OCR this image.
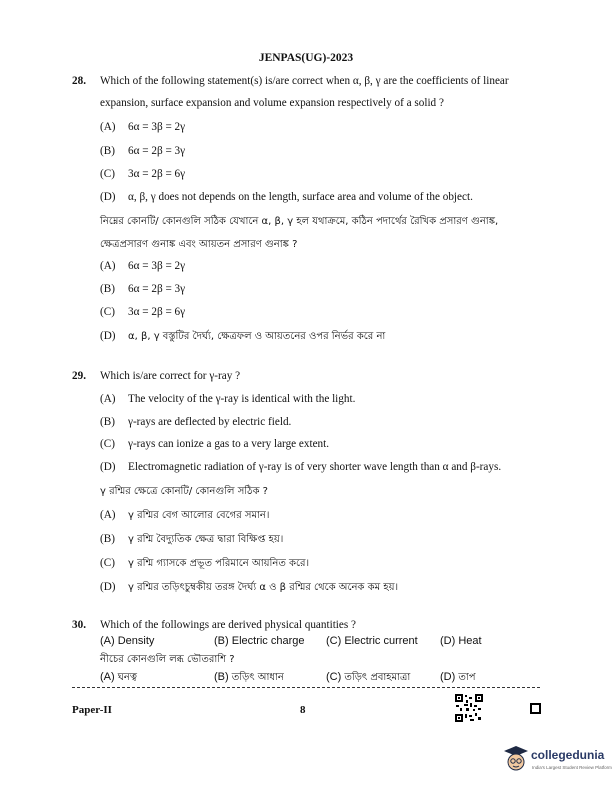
JENPAS(UG)-2023
28. Which of the following statement(s) is/are correct when α, β, γ are the coefficients of linear
expansion, surface expansion and volume expansion respectively of a solid ?
(A) 6α = 3β = 2γ
(B) 6α = 2β = 3γ
(C) 3α = 2β = 6γ
(D) α, β, γ does not depends on the length, surface area and volume of the object.
নিম্নের কোনটি/ কোনগুলি সঠিক যেখানে α, β, γ হল যথাক্রমে, কঠিন পদার্থের রৈখিক প্রসারণ গুনাঙ্ক,
ক্ষেত্রপ্রসারণ গুনাঙ্ক এবং আয়তন প্রসারণ গুনাঙ্ক ?
(A) 6α = 3β = 2γ
(B) 6α = 2β = 3γ
(C) 3α = 2β = 6γ
(D) α, β, γ বস্তুটির দৈর্ঘ্য, ক্ষেত্রফল ও আয়তনের ওপর নির্ভর করে না
29. Which is/are correct for γ-ray ?
(A) The velocity of the γ-ray is identical with the light.
(B) γ-rays are deflected by electric field.
(C) γ-rays can ionize a gas to a very large extent.
(D) Electromagnetic radiation of γ-ray is of very shorter wave length than α and β-rays.
γ রশ্মির ক্ষেত্রে কোনটি/ কোনগুলি সঠিক ?
(A) γ রশ্মির বেগ আলোর বেগের সমান।
(B) γ রশ্মি বৈদ্যুতিক ক্ষেত্র দ্বারা বিক্ষিপ্ত হয়।
(C) γ রশ্মি গ্যাসকে প্রভূত পরিমানে আয়নিত করে।
(D) γ রশ্মির তড়িৎচুম্বকীয় তরঙ্গ দৈর্ঘ্য α ও β রশ্মির থেকে অনেক কম হয়।
30. Which of the followings are derived physical quantities ?
(A) Density	(B) Electric charge (C) Electric current (D) Heat
নীচের কোনগুলি লব্ধ ভৌতরাশি ?
(A) ঘনত্ব	(B) তড়িৎ আধান	(C) তড়িৎ প্রবাহমাত্রা	(D) তাপ
Paper-II	8
collegedunia
India's Largest Student Review Platform
